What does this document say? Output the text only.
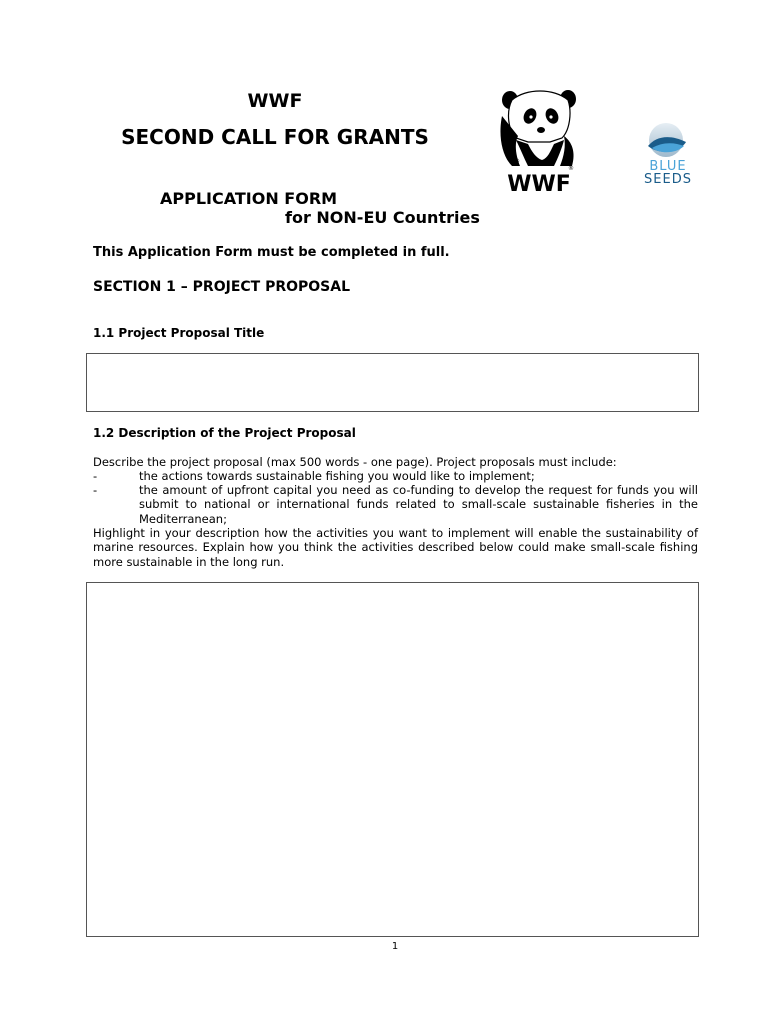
WWF
SECOND CALL FOR GRANTS
APPLICATION FORM
for NON-EU Countries
©
®
WWF
BLUE
SEEDS
This Application Form must be completed in full.
SECTION 1 – PROJECT PROPOSAL
1.1 Project Proposal Title
1.2 Description of the Project Proposal
Describe the project proposal (max 500 words - one page). Project proposals must include:
-	the actions towards sustainable fishing you would like to implement;
-	the amount of upfront capital you need as co-funding to develop the request for funds you will submit to national or international funds related to small-scale sustainable fisheries in the Mediterranean;
Highlight in your description how the activities you want to implement will enable the sustainability of marine resources. Explain how you think the activities described below could make small-scale fishing more sustainable in the long run.
1
